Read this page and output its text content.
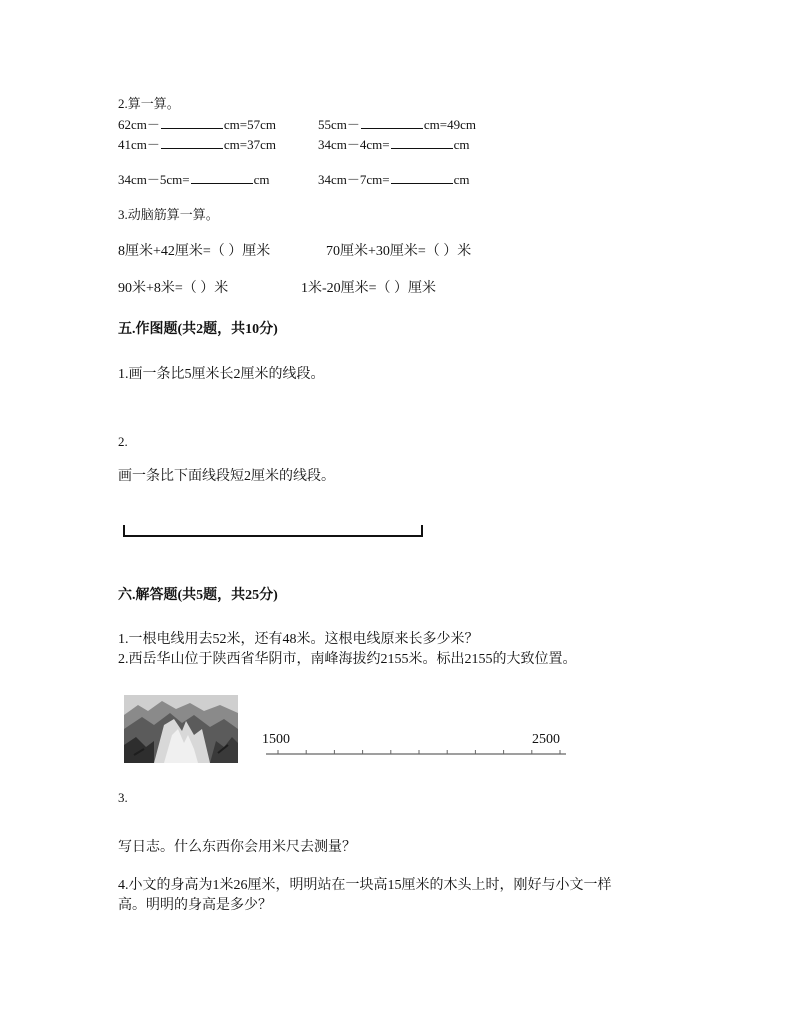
2.算一算。
62cm－	cm=57cm	55cm－	cm=49cm
41cm－	cm=37cm	34cm－4cm=	cm
34cm－5cm=	cm	34cm－7cm=	cm
3.动脑筋算一算。
8厘米+42厘米=（ ）厘米	70厘米+30厘米=（ ）米
90米+8米=（ ）米	1米-20厘米=（ ）厘米
五.作图题(共2题，共10分)
1.画一条比5厘米长2厘米的线段。
2.
画一条比下面线段短2厘米的线段。
六.解答题(共5题，共25分)
1.一根电线用去52米，还有48米。这根电线原来长多少米？
2.西岳华山位于陕西省华阴市，南峰海拔约2155米。标出2155的大致位置。
1500	2500
3.
写日志。什么东西你会用米尺去测量？
4.小文的身高为1米26厘米，明明站在一块高15厘米的木头上时，刚好与小文一样
高。明明的身高是多少？
